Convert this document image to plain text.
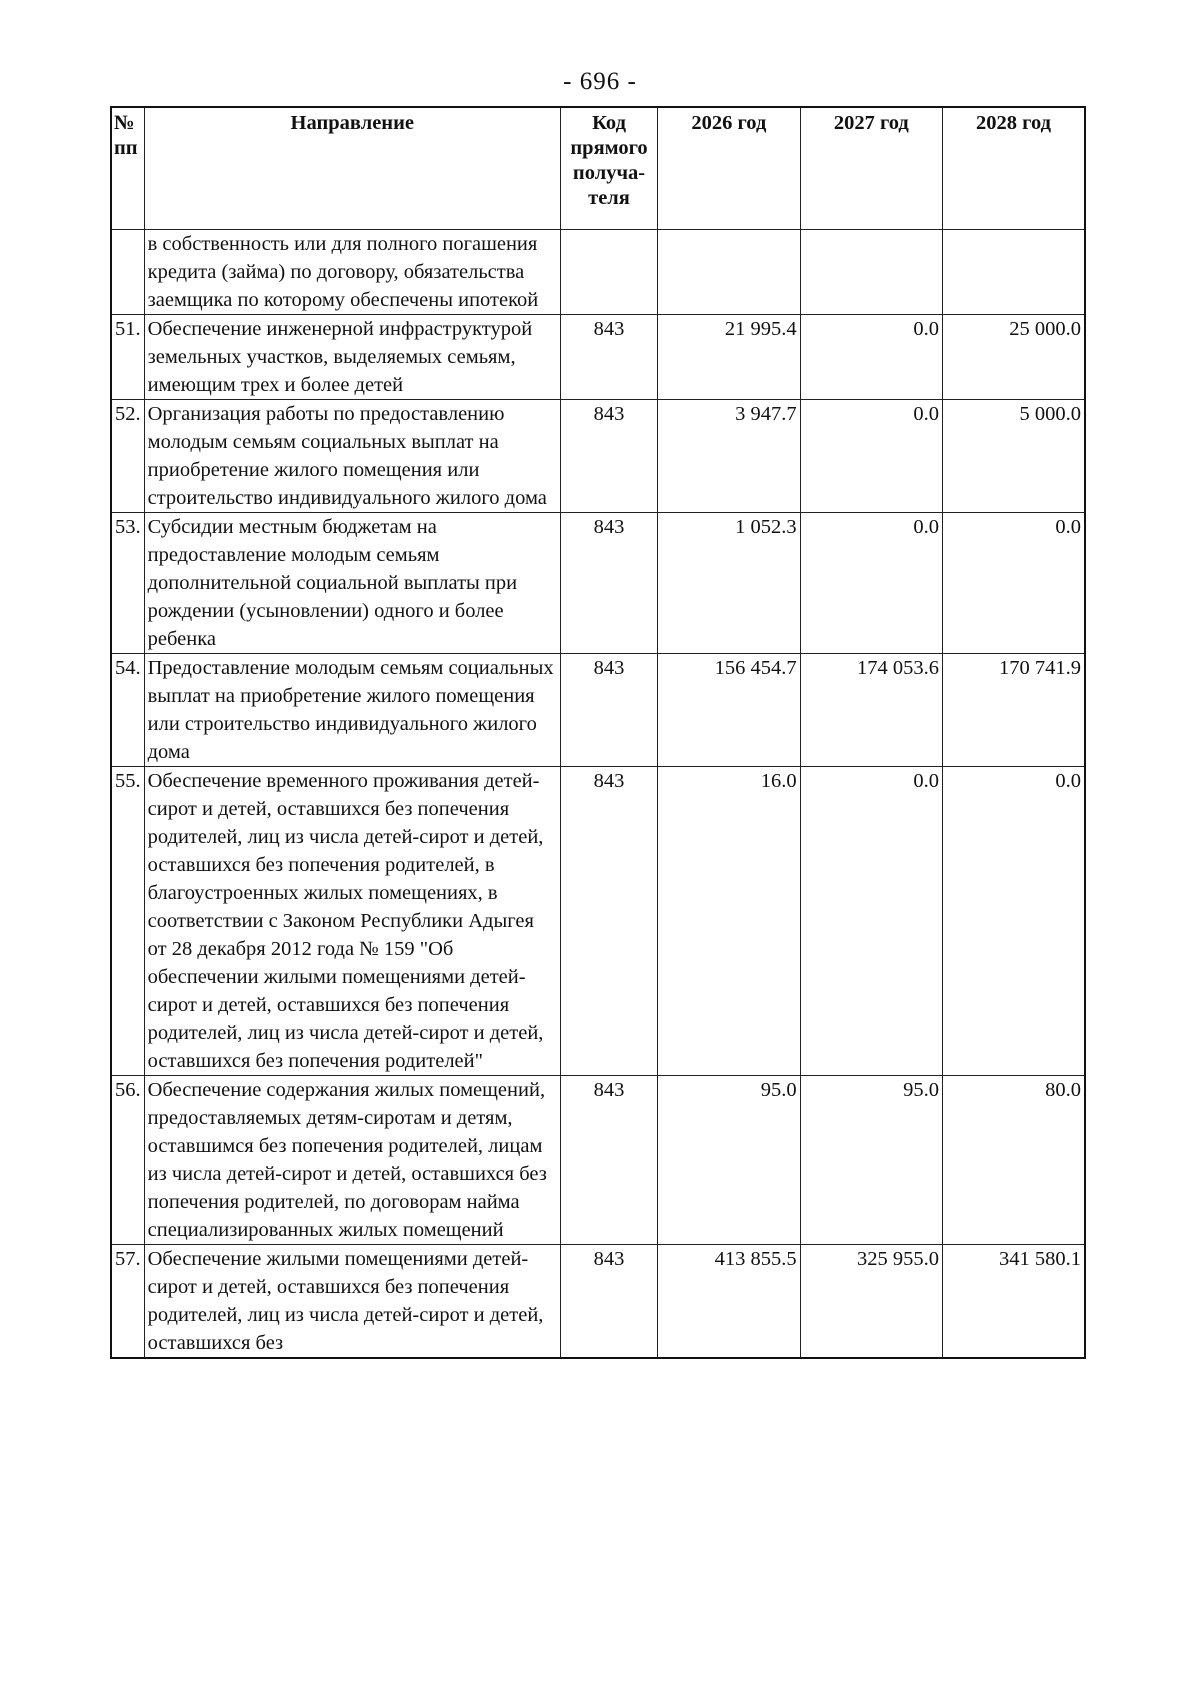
- 696 -
№ пп	Направление	Код прямого получа-теля	2026 год	2027 год	2028 год
	в собственность или для полного погашения кредита (займа) по договору, обязательства заемщика по которому обеспечены ипотекой				
51.	Обеспечение инженерной инфраструктурой земельных участков, выделяемых семьям, имеющим трех и более детей	843	21 995.4	0.0	25 000.0
52.	Организация работы по предоставлению молодым семьям социальных выплат на приобретение жилого помещения или строительство индивидуального жилого дома	843	3 947.7	0.0	5 000.0
53.	Субсидии местным бюджетам на предоставление молодым семьям дополнительной социальной выплаты при рождении (усыновлении) одного и более ребенка	843	1 052.3	0.0	0.0
54.	Предоставление молодым семьям социальных выплат на приобретение жилого помещения или строительство индивидуального жилого дома	843	156 454.7	174 053.6	170 741.9
55.	Обеспечение временного проживания детей-сирот и детей, оставшихся без попечения родителей, лиц из числа детей-сирот и детей, оставшихся без попечения родителей, в благоустроенных жилых помещениях, в соответствии с Законом Республики Адыгея от 28 декабря 2012 года № 159 "Об обеспечении жилыми помещениями детей-сирот и детей, оставшихся без попечения родителей, лиц из числа детей-сирот и детей, оставшихся без попечения родителей"	843	16.0	0.0	0.0
56.	Обеспечение содержания жилых помещений, предоставляемых детям-сиротам и детям, оставшимся без попечения родителей, лицам из числа детей-сирот и детей, оставшихся без попечения родителей, по договорам найма специализированных жилых помещений	843	95.0	95.0	80.0
57.	Обеспечение жилыми помещениями детей-сирот и детей, оставшихся без попечения родителей, лиц из числа детей-сирот и детей, оставшихся без	843	413 855.5	325 955.0	341 580.1
